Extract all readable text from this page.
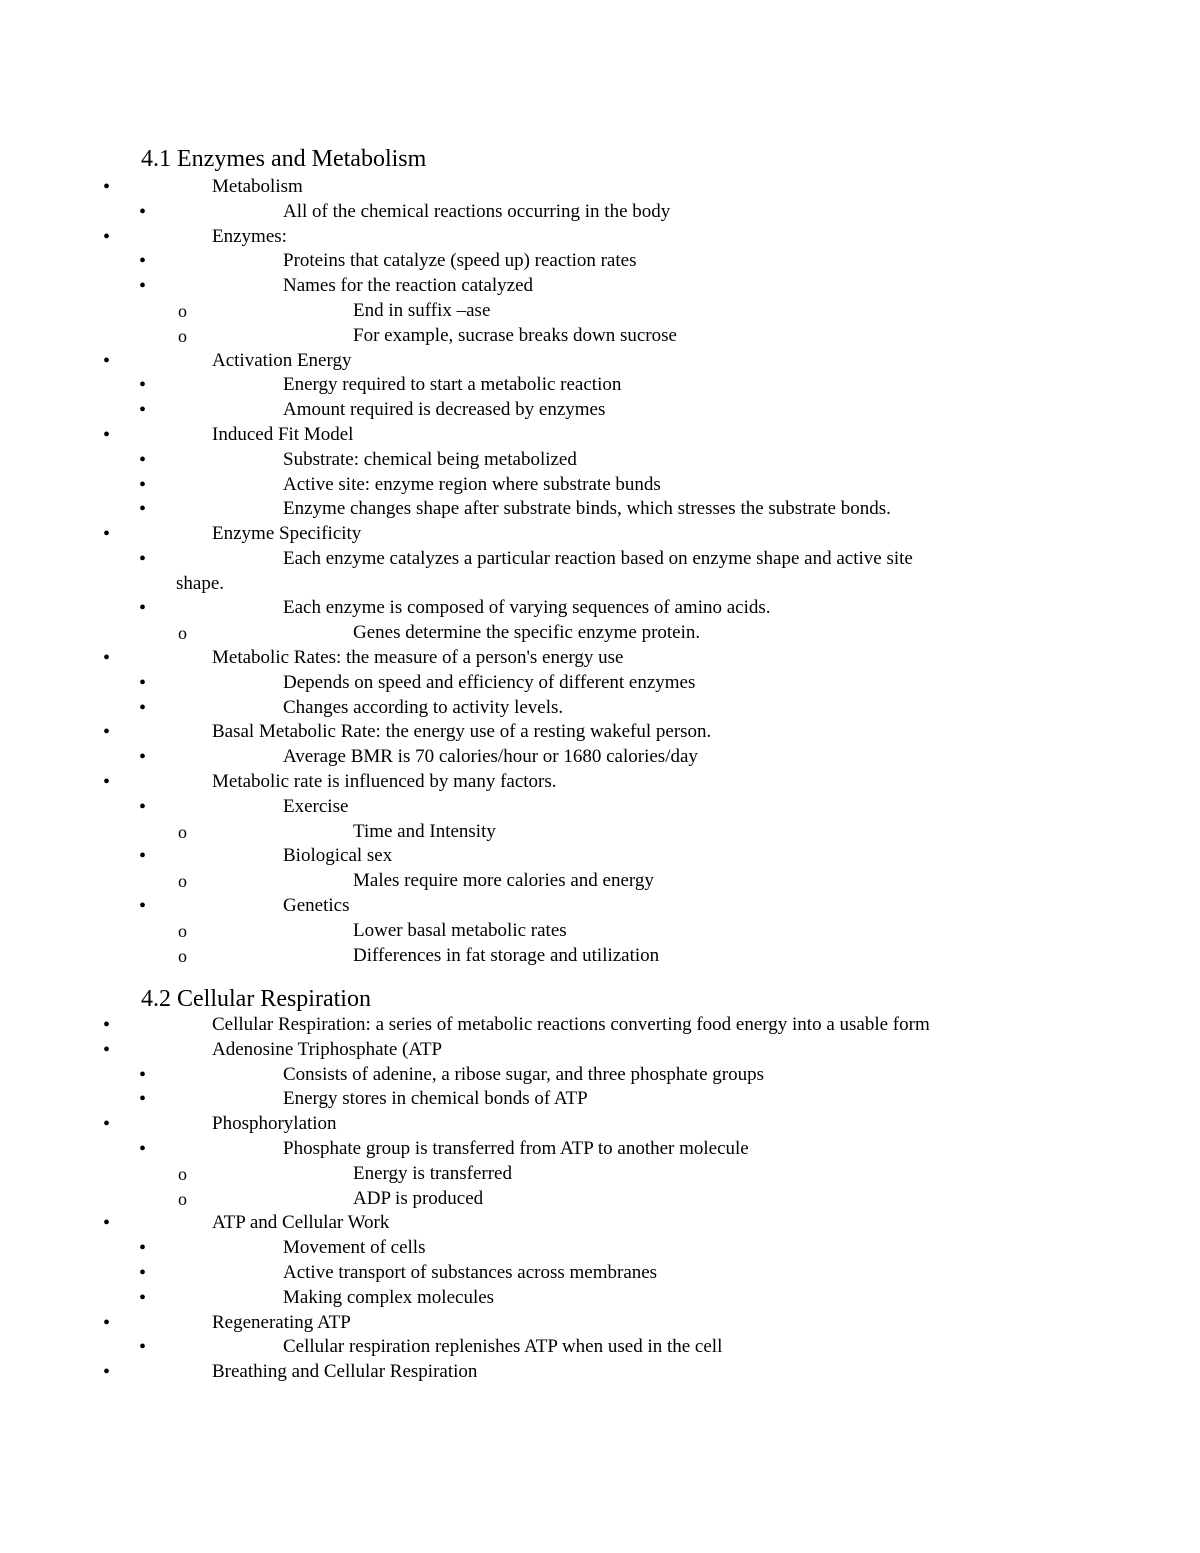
4.1 Enzymes and Metabolism
•	Metabolism
•	All of the chemical reactions occurring in the body
•	Enzymes:
•	Proteins that catalyze (speed up) reaction rates
•	Names for the reaction catalyzed
o	End in suffix –ase
o	For example, sucrase breaks down sucrose
•	Activation Energy
•	Energy required to start a metabolic reaction
•	Amount required is decreased by enzymes
•	Induced Fit Model
•	Substrate: chemical being metabolized
•	Active site: enzyme region where substrate bunds
•	Enzyme changes shape after substrate binds, which stresses the substrate bonds.
•	Enzyme Specificity
•	Each enzyme catalyzes a particular reaction based on enzyme shape and active site
shape.
•	Each enzyme is composed of varying sequences of amino acids.
o	Genes determine the specific enzyme protein.
•	Metabolic Rates: the measure of a person's energy use
•	Depends on speed and efficiency of different enzymes
•	Changes according to activity levels.
•	Basal Metabolic Rate: the energy use of a resting wakeful person.
•	Average BMR is 70 calories/hour or 1680 calories/day
•	Metabolic rate is influenced by many factors.
•	Exercise
o	Time and Intensity
•	Biological sex
o	Males require more calories and energy
•	Genetics
o	Lower basal metabolic rates
o	Differences in fat storage and utilization
4.2 Cellular Respiration
•	Cellular Respiration: a series of metabolic reactions converting food energy into a usable form
•	Adenosine Triphosphate (ATP
•	Consists of adenine, a ribose sugar, and three phosphate groups
•	Energy stores in chemical bonds of ATP
•	Phosphorylation
•	Phosphate group is transferred from ATP to another molecule
o	Energy is transferred
o	ADP is produced
•	ATP and Cellular Work
•	Movement of cells
•	Active transport of substances across membranes
•	Making complex molecules
•	Regenerating ATP
•	Cellular respiration replenishes ATP when used in the cell
•	Breathing and Cellular Respiration
